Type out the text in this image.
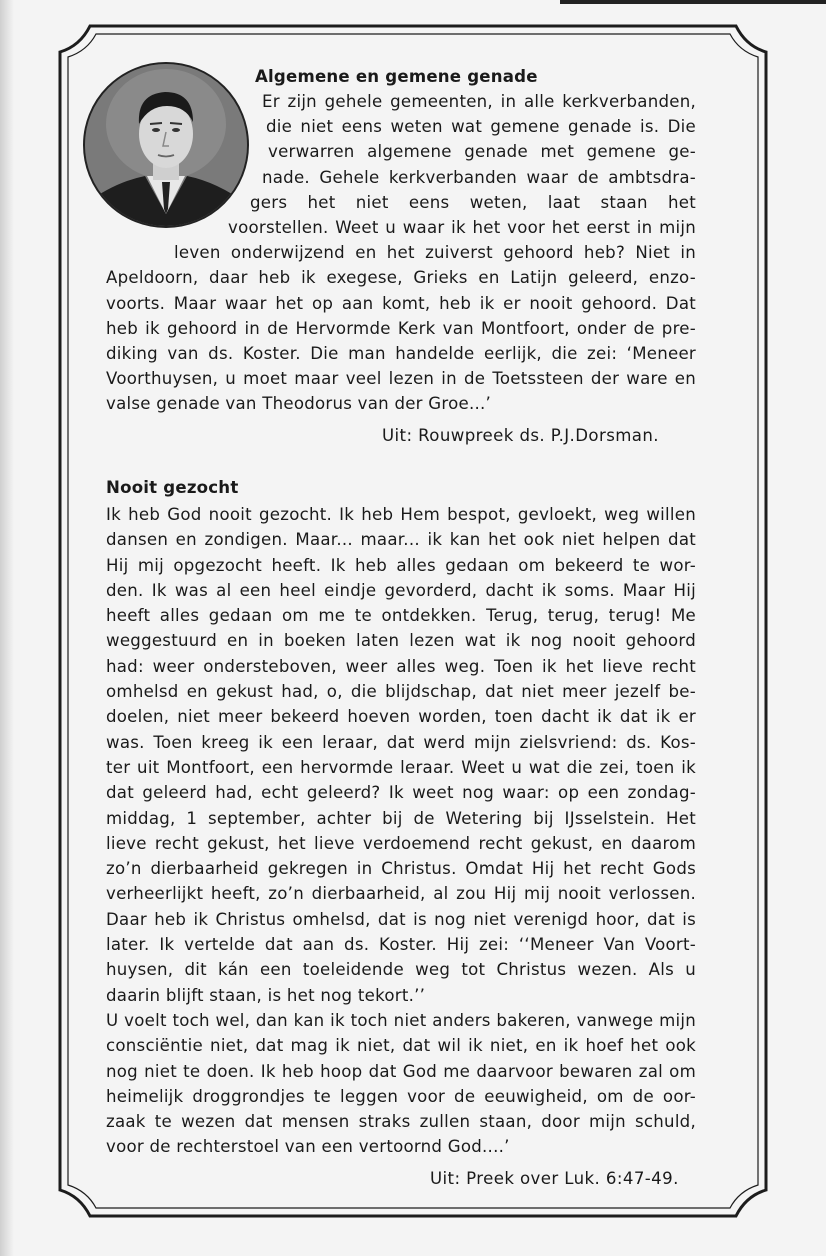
Algemene en gemene genade
Er zijn gehele gemeenten, in alle kerkverbanden,
die niet eens weten wat gemene genade is. Die
verwarren algemene genade met gemene ge-
nade. Gehele kerkverbanden waar de ambtsdra-
gers het niet eens weten, laat staan het
voorstellen. Weet u waar ik het voor het eerst in mijn
leven onderwijzend en het zuiverst gehoord heb? Niet in
Apeldoorn, daar heb ik exegese, Grieks en Latijn geleerd, enzo-
voorts. Maar waar het op aan komt, heb ik er nooit gehoord. Dat
heb ik gehoord in de Hervormde Kerk van Montfoort, onder de pre-
diking van ds. Koster. Die man handelde eerlijk, die zei: ‘Meneer
Voorthuysen, u moet maar veel lezen in de Toetssteen der ware en
valse genade van Theodorus van der Groe...’
Uit: Rouwpreek ds. P.J.Dorsman.
Nooit gezocht
Ik heb God nooit gezocht. Ik heb Hem bespot, gevloekt, weg willen
dansen en zondigen. Maar... maar... ik kan het ook niet helpen dat
Hij mij opgezocht heeft. Ik heb alles gedaan om bekeerd te wor-
den. Ik was al een heel eindje gevorderd, dacht ik soms. Maar Hij
heeft alles gedaan om me te ontdekken. Terug, terug, terug! Me
weggestuurd en in boeken laten lezen wat ik nog nooit gehoord
had: weer ondersteboven, weer alles weg. Toen ik het lieve recht
omhelsd en gekust had, o, die blijdschap, dat niet meer jezelf be-
doelen, niet meer bekeerd hoeven worden, toen dacht ik dat ik er
was. Toen kreeg ik een leraar, dat werd mijn zielsvriend: ds. Kos-
ter uit Montfoort, een hervormde leraar. Weet u wat die zei, toen ik
dat geleerd had, echt geleerd? Ik weet nog waar: op een zondag-
middag, 1 september, achter bij de Wetering bij IJsselstein. Het
lieve recht gekust, het lieve verdoemend recht gekust, en daarom
zo’n dierbaarheid gekregen in Christus. Omdat Hij het recht Gods
verheerlijkt heeft, zo’n dierbaarheid, al zou Hij mij nooit verlossen.
Daar heb ik Christus omhelsd, dat is nog niet verenigd hoor, dat is
later. Ik vertelde dat aan ds. Koster. Hij zei: ‘‘Meneer Van Voort-
huysen, dit kán een toeleidende weg tot Christus wezen. Als u
daarin blijft staan, is het nog tekort.’’
U voelt toch wel, dan kan ik toch niet anders bakeren, vanwege mijn
consciëntie niet, dat mag ik niet, dat wil ik niet, en ik hoef het ook
nog niet te doen. Ik heb hoop dat God me daarvoor bewaren zal om
heimelijk droggrondjes te leggen voor de eeuwigheid, om de oor-
zaak te wezen dat mensen straks zullen staan, door mijn schuld,
voor de rechterstoel van een vertoornd God....’
Uit: Preek over Luk. 6:47-49.
